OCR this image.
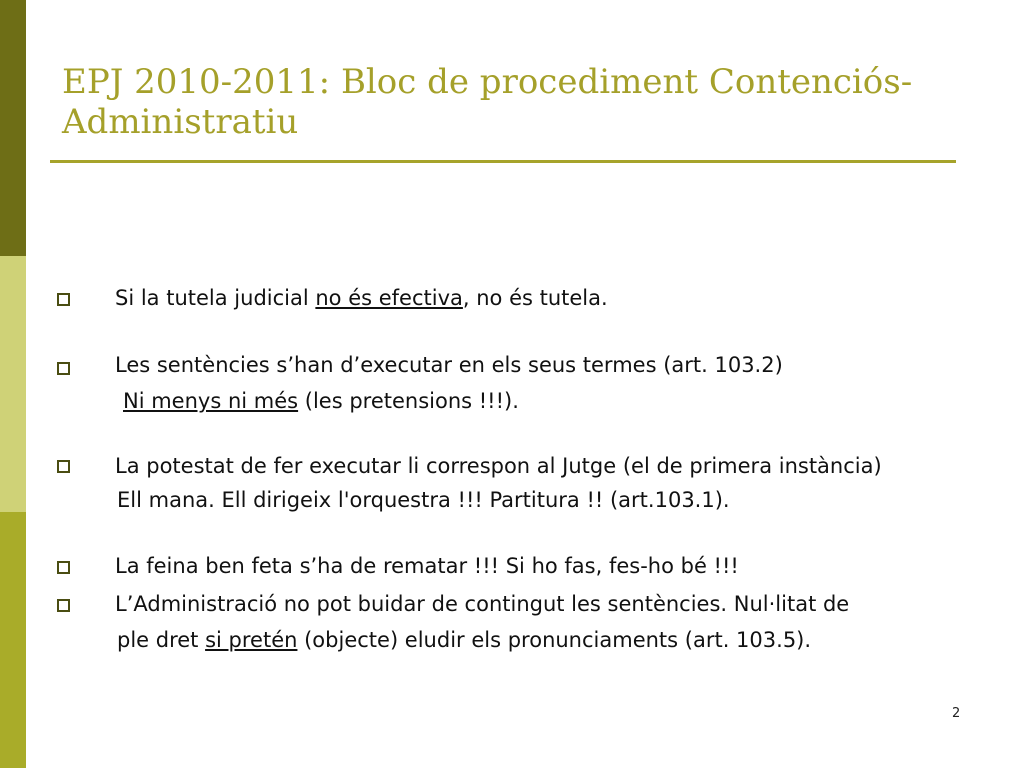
EPJ 2010-2011: Bloc de procediment Contenciós-Administratiu
Si la tutela judicial no és efectiva, no és tutela.
Les sentències s’han d’executar en els seus termes (art. 103.2)
Ni menys ni més (les pretensions !!!).
La potestat de fer executar li correspon al Jutge (el de primera instància)
Ell mana. Ell dirigeix l'orquestra !!! Partitura !! (art.103.1).
La feina ben feta s’ha de rematar !!! Si ho fas, fes-ho bé !!!
L’Administració no pot buidar de contingut les sentències. Nul·litat de
ple dret si pretén (objecte) eludir els pronunciaments (art. 103.5).
2
